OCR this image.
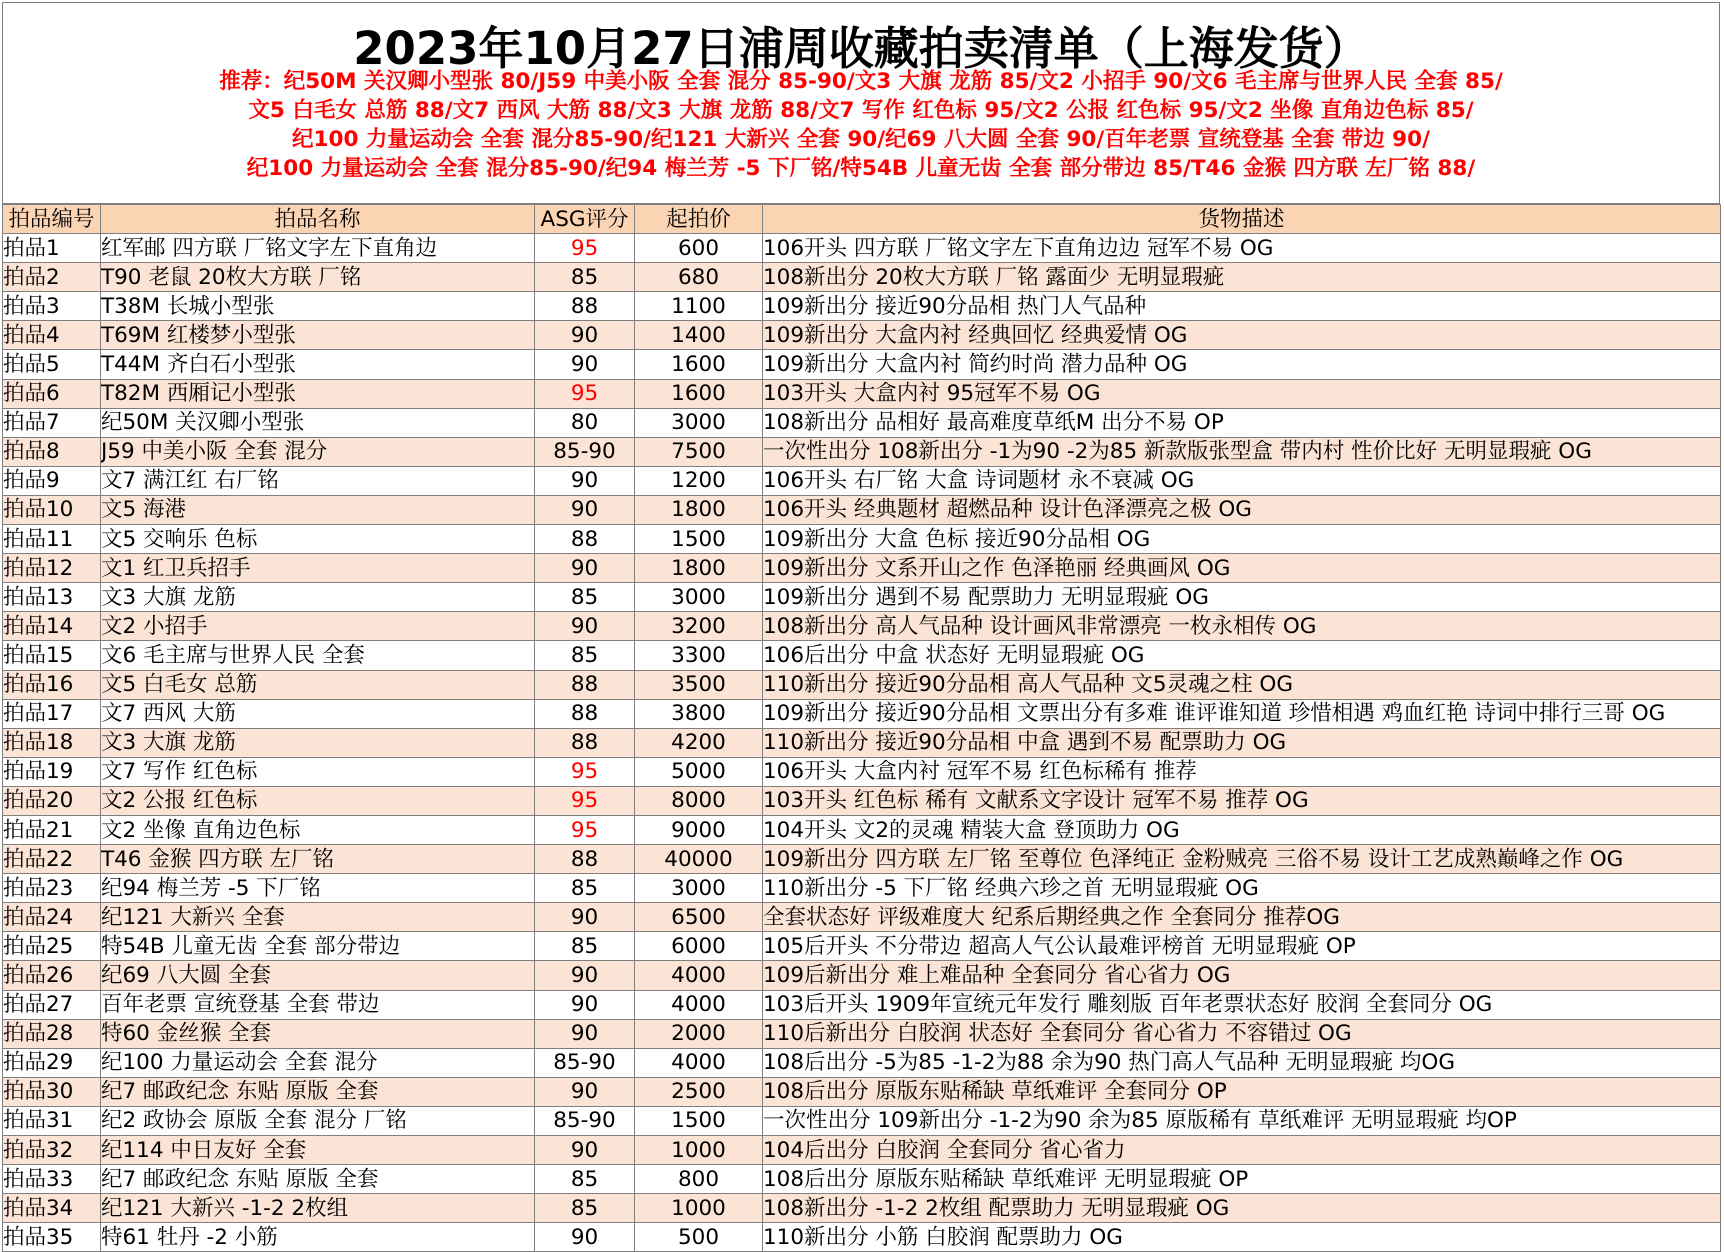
2023年10月27日浦周收藏拍卖清单（上海发货）
推荐：纪50M 关汉卿小型张 80/J59 中美小阪 全套 混分 85-90/文3 大旗 龙筋 85/文2 小招手 90/文6 毛主席与世界人民 全套 85/
文5 白毛女 总筋 88/文7 西风 大筋 88/文3 大旗 龙筋 88/文7 写作 红色标 95/文2 公报 红色标 95/文2 坐像 直角边色标 85/
纪100 力量运动会 全套 混分85-90/纪121 大新兴 全套 90/纪69 八大圆 全套 90/百年老票 宣统登基 全套 带边 90/
纪100 力量运动会 全套 混分85-90/纪94 梅兰芳 -5 下厂铭/特54B 儿童无齿 全套 部分带边 85/T46 金猴 四方联 左厂铭 88/
拍品编号	拍品名称	ASG评分	起拍价	货物描述
拍品1	红军邮 四方联 厂铭文字左下直角边	95	600	106开头 四方联 厂铭文字左下直角边边 冠军不易 OG
拍品2	T90 老鼠 20枚大方联 厂铭	85	680	108新出分 20枚大方联 厂铭 露面少 无明显瑕疵
拍品3	T38M 长城小型张	88	1100	109新出分 接近90分品相 热门人气品种
拍品4	T69M 红楼梦小型张	90	1400	109新出分 大盒内衬 经典回忆 经典爱情 OG
拍品5	T44M 齐白石小型张	90	1600	109新出分 大盒内衬 简约时尚 潜力品种 OG
拍品6	T82M 西厢记小型张	95	1600	103开头 大盒内衬 95冠军不易 OG
拍品7	纪50M 关汉卿小型张	80	3000	108新出分 品相好 最高难度草纸M 出分不易 OP
拍品8	J59 中美小阪 全套 混分	85-90	7500	一次性出分 108新出分 -1为90 -2为85 新款版张型盒 带内村 性价比好 无明显瑕疵 OG
拍品9	文7 满江红 右厂铭	90	1200	106开头 右厂铭 大盒 诗词题材 永不衰减 OG
拍品10	文5 海港	90	1800	106开头 经典题材 超燃品种 设计色泽漂亮之极 OG
拍品11	文5 交响乐 色标	88	1500	109新出分 大盒 色标 接近90分品相 OG
拍品12	文1 红卫兵招手	90	1800	109新出分 文系开山之作 色泽艳丽 经典画风 OG
拍品13	文3 大旗 龙筋	85	3000	109新出分 遇到不易 配票助力 无明显瑕疵 OG
拍品14	文2 小招手	90	3200	108新出分 高人气品种 设计画风非常漂亮 一枚永相传 OG
拍品15	文6 毛主席与世界人民 全套	85	3300	106后出分 中盒 状态好 无明显瑕疵 OG
拍品16	文5 白毛女 总筋	88	3500	110新出分 接近90分品相 高人气品种 文5灵魂之柱 OG
拍品17	文7 西风 大筋	88	3800	109新出分 接近90分品相 文票出分有多难 谁评谁知道 珍惜相遇 鸡血红艳 诗词中排行三哥 OG
拍品18	文3 大旗 龙筋	88	4200	110新出分 接近90分品相 中盒 遇到不易 配票助力 OG
拍品19	文7 写作 红色标	95	5000	106开头 大盒内衬 冠军不易 红色标稀有 推荐
拍品20	文2 公报 红色标	95	8000	103开头 红色标 稀有 文献系文字设计 冠军不易 推荐 OG
拍品21	文2 坐像 直角边色标	95	9000	104开头 文2的灵魂 精装大盒 登顶助力 OG
拍品22	T46 金猴 四方联 左厂铭	88	40000	109新出分 四方联 左厂铭 至尊位 色泽纯正 金粉贼亮 三俗不易 设计工艺成熟巅峰之作 OG
拍品23	纪94 梅兰芳 -5 下厂铭	85	3000	110新出分 -5 下厂铭 经典六珍之首 无明显瑕疵 OG
拍品24	纪121 大新兴 全套	90	6500	全套状态好 评级难度大 纪系后期经典之作 全套同分 推荐OG
拍品25	特54B 儿童无齿 全套 部分带边	85	6000	105后开头 不分带边 超高人气公认最难评榜首 无明显瑕疵 OP
拍品26	纪69 八大圆 全套	90	4000	109后新出分 难上难品种 全套同分 省心省力 OG
拍品27	百年老票 宣统登基 全套 带边	90	4000	103后开头 1909年宣统元年发行 雕刻版 百年老票状态好 胶润 全套同分 OG
拍品28	特60 金丝猴 全套	90	2000	110后新出分 白胶润 状态好 全套同分 省心省力 不容错过 OG
拍品29	纪100 力量运动会 全套 混分	85-90	4000	108后出分 -5为85 -1-2为88 余为90 热门高人气品种 无明显瑕疵 均OG
拍品30	纪7 邮政纪念 东贴 原版 全套	90	2500	108后出分 原版东贴稀缺 草纸难评 全套同分 OP
拍品31	纪2 政协会 原版 全套 混分 厂铭	85-90	1500	一次性出分 109新出分 -1-2为90 余为85 原版稀有 草纸难评 无明显瑕疵 均OP
拍品32	纪114 中日友好 全套	90	1000	104后出分 白胶润 全套同分 省心省力
拍品33	纪7 邮政纪念 东贴 原版 全套	85	800	108后出分 原版东贴稀缺 草纸难评 无明显瑕疵 OP
拍品34	纪121 大新兴 -1-2 2枚组	85	1000	108新出分 -1-2 2枚组 配票助力 无明显瑕疵 OG
拍品35	特61 牡丹 -2 小筋	90	500	110新出分 小筋 白胶润 配票助力 OG
